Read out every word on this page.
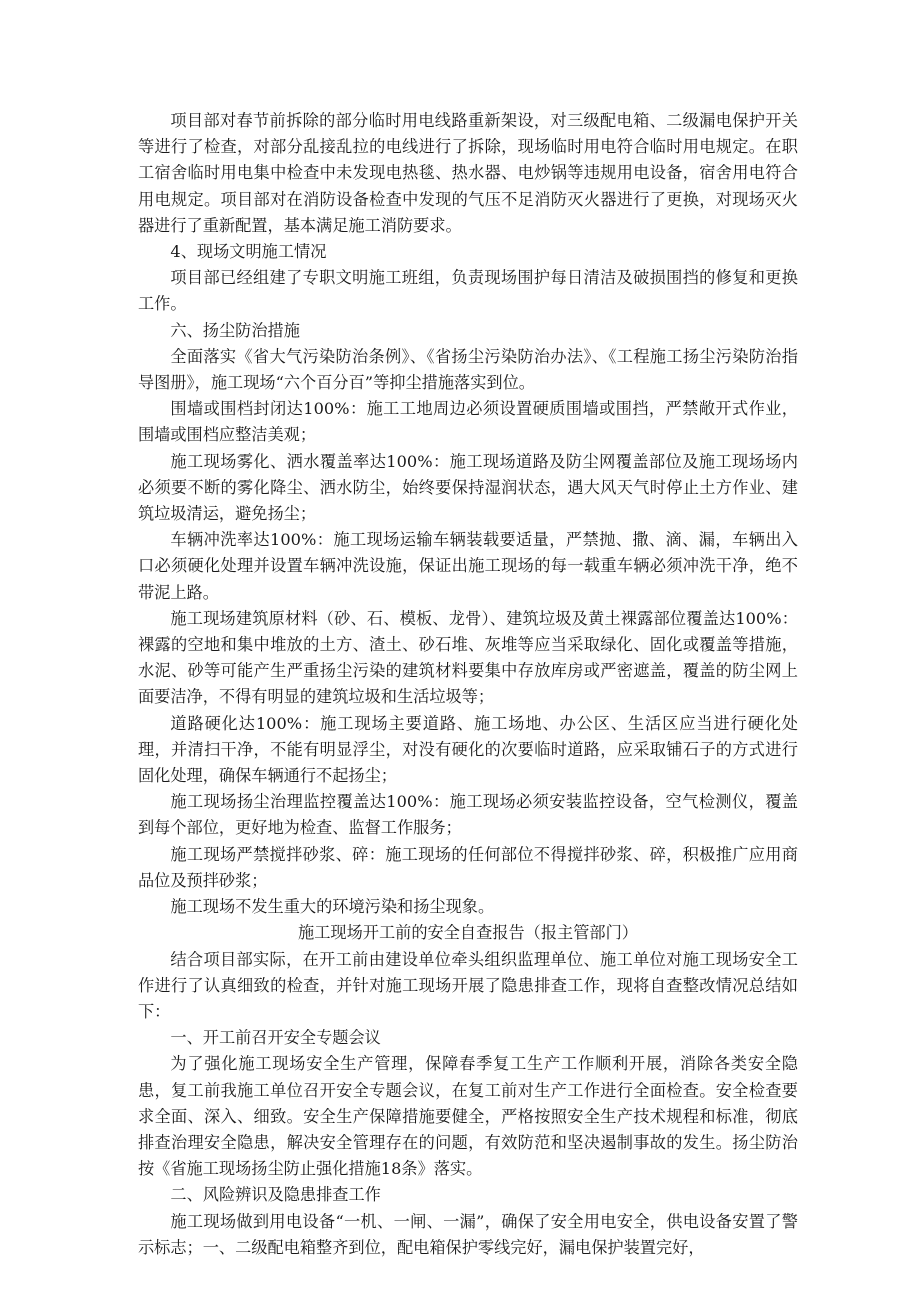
项目部对春节前拆除的部分临时用电线路重新架设，对三级配电箱、二级漏电保护开关等进行了检查，对部分乱接乱拉的电线进行了拆除，现场临时用电符合临时用电规定。在职工宿舍临时用电集中检查中未发现电热毯、热水器、电炒锅等违规用电设备，宿舍用电符合用电规定。项目部对在消防设备检查中发现的气压不足消防灭火器进行了更换，对现场灭火器进行了重新配置，基本满足施工消防要求。

4、现场文明施工情况

项目部已经组建了专职文明施工班组，负责现场围护每日清洁及破损围挡的修复和更换工作。

六、扬尘防治措施

全面落实《省大气污染防治条例》、《省扬尘污染防治办法》、《工程施工扬尘污染防治指导图册》，施工现场“六个百分百”等抑尘措施落实到位。

围墙或围档封闭达100%：施工工地周边必须设置硬质围墙或围挡，严禁敞开式作业，围墙或围档应整洁美观；

施工现场雾化、洒水覆盖率达100%：施工现场道路及防尘网覆盖部位及施工现场场内必须要不断的雾化降尘、洒水防尘，始终要保持湿润状态，遇大风天气时停止土方作业、建筑垃圾清运，避免扬尘；

车辆冲洗率达100%：施工现场运输车辆装载要适量，严禁抛、撒、滴、漏，车辆出入口必须硬化处理并设置车辆冲洗设施，保证出施工现场的每一载重车辆必须冲洗干净，绝不带泥上路。

施工现场建筑原材料（砂、石、模板、龙骨）、建筑垃圾及黄土裸露部位覆盖达100%：裸露的空地和集中堆放的土方、渣土、砂石堆、灰堆等应当采取绿化、固化或覆盖等措施，水泥、砂等可能产生严重扬尘污染的建筑材料要集中存放库房或严密遮盖，覆盖的防尘网上面要洁净，不得有明显的建筑垃圾和生活垃圾等；

道路硬化达100%：施工现场主要道路、施工场地、办公区、生活区应当进行硬化处理，并清扫干净，不能有明显浮尘，对没有硬化的次要临时道路，应采取铺石子的方式进行固化处理，确保车辆通行不起扬尘；

施工现场扬尘治理监控覆盖达100%：施工现场必须安装监控设备，空气检测仪，覆盖到每个部位，更好地为检查、监督工作服务；

施工现场严禁搅拌砂浆、碎：施工现场的任何部位不得搅拌砂浆、碎，积极推广应用商品位及预拌砂浆；

施工现场不发生重大的环境污染和扬尘现象。

施工现场开工前的安全自查报告（报主管部门）

结合项目部实际，在开工前由建设单位牵头组织监理单位、施工单位对施工现场安全工作进行了认真细致的检查，并针对施工现场开展了隐患排查工作，现将自查整改情况总结如下：

一、开工前召开安全专题会议

为了强化施工现场安全生产管理，保障春季复工生产工作顺利开展，消除各类安全隐患，复工前我施工单位召开安全专题会议，在复工前对生产工作进行全面检查。安全检查要求全面、深入、细致。安全生产保障措施要健全，严格按照安全生产技术规程和标准，彻底排查治理安全隐患，解决安全管理存在的问题，有效防范和坚决遏制事故的发生。扬尘防治按《省施工现场扬尘防止强化措施18条》落实。

二、风险辨识及隐患排查工作

施工现场做到用电设备“一机、一闸、一漏”，确保了安全用电安全，供电设备安置了警示标志；一、二级配电箱整齐到位，配电箱保护零线完好，漏电保护装置完好，
